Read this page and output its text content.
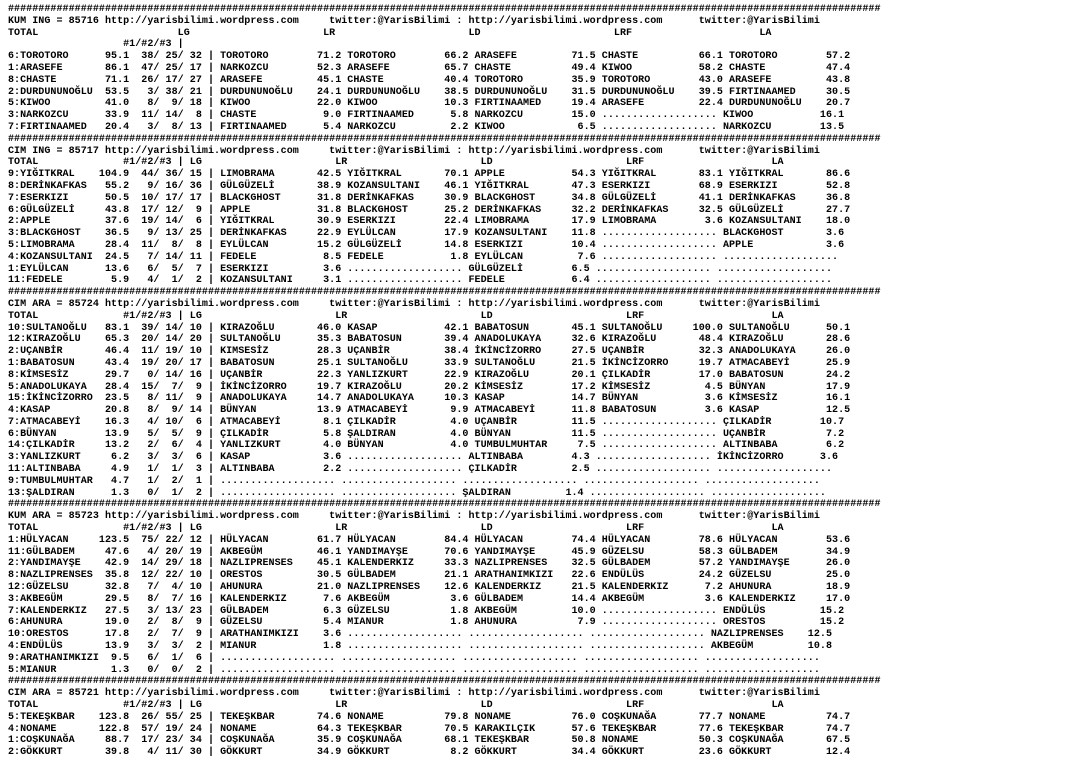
################################################################################################################################################
KUM ING = 85716 http://yarisbilimi.wordpress.com     twitter:@YarisBilimi : http://yarisbilimi.wordpress.com      twitter:@YarisBilimi
TOTAL                       LG                      LR                      LD                      LRF                     LA
#1/#2/#3 |
6:TOROTORO      95.1  38/ 25/ 32 | TOROTORO        71.2 TOROTORO        66.2 ARASEFE         71.5 CHASTE          66.1 TOROTORO        57.2
1:ARASEFE       86.1  47/ 25/ 17 | NARKOZCU        52.3 ARASEFE         65.7 CHASTE          49.4 KIWOO           58.2 CHASTE          47.4
8:CHASTE        71.1  26/ 17/ 27 | ARASEFE         45.1 CHASTE          40.4 TOROTORO        35.9 TOROTORO        43.0 ARASEFE         43.8
2:DURDUNUNOĞLU  53.5   3/ 38/ 21 | DURDUNUNOĞLU    24.1 DURDUNUNOĞLU    38.5 DURDUNUNOĞLU    31.5 DURDUNUNOĞLU    39.5 FIRTINAAMED     30.5
5:KIWOO         41.0   8/  9/ 18 | KIWOO           22.0 KIWOO           10.3 FIRTINAAMED     19.4 ARASEFE         22.4 DURDUNUNOĞLU    20.7
3:NARKOZCU      33.9  11/ 14/  8 | CHASTE           9.0 FIRTINAAMED      5.8 NARKOZCU        15.0 ................... KIWOO           16.1
7:FIRTINAAMED   20.4   3/  8/ 13 | FIRTINAAMED      5.4 NARKOZCU         2.2 KIWOO            6.5 ................... NARKOZCU        13.5
################################################################################################################################################
CIM ING = 85717 http://yarisbilimi.wordpress.com     twitter:@YarisBilimi : http://yarisbilimi.wordpress.com      twitter:@YarisBilimi
TOTAL              #1/#2/#3 | LG                      LR                      LD                      LRF                     LA
9:YIĞITKRAL    104.9  44/ 36/ 15 | LIMOBRAMA       42.5 YIĞITKRAL       70.1 APPLE           54.3 YIĞITKRAL       83.1 YIĞITKRAL       86.6
8:DERİNKAFKAS   55.2   9/ 16/ 36 | GÜLGÜZELİ       38.9 KOZANSULTANI    46.1 YIĞITKRAL       47.3 ESERKIZI        68.9 ESERKIZI        52.8
7:ESERKIZI      50.5  10/ 17/ 17 | BLACKGHOST      31.8 DERİNKAFKAS     30.9 BLACKGHOST      34.8 GÜLGÜZELİ       41.1 DERİNKAFKAS     36.8
6:GÜLGÜZELİ     43.8  17/ 12/  9 | APPLE           31.8 BLACKGHOST      25.2 DERİNKAFKAS     32.2 DERİNKAFKAS     32.5 GÜLGÜZELİ       27.7
2:APPLE         37.6  19/ 14/  6 | YIĞITKRAL       30.9 ESERKIZI        22.4 LIMOBRAMA       17.9 LIMOBRAMA        3.6 KOZANSULTANI    18.0
3:BLACKGHOST    36.5   9/ 13/ 25 | DERİNKAFKAS     22.9 EYLÜLCAN        17.9 KOZANSULTANI    11.8 ................... BLACKGHOST       3.6
5:LIMOBRAMA     28.4  11/  8/  8 | EYLÜLCAN        15.2 GÜLGÜZELİ       14.8 ESERKIZI        10.4 ................... APPLE            3.6
4:KOZANSULTANI  24.5   7/ 14/ 11 | FEDELE           8.5 FEDELE           1.8 EYLÜLCAN         7.6 ................... ...................
1:EYLÜLCAN      13.6   6/  5/  7 | ESERKIZI         3.6 ................... GÜLGÜZELİ        6.5 ................... ...................
11:FEDELE        5.9   4/  1/  2 | KOZANSULTANI     3.1 ................... FEDELE           6.4 ................... ...................
################################################################################################################################################
CIM ARA = 85724 http://yarisbilimi.wordpress.com     twitter:@YarisBilimi : http://yarisbilimi.wordpress.com      twitter:@YarisBilimi
TOTAL              #1/#2/#3 | LG                      LR                      LD                      LRF                     LA
10:SULTANOĞLU   83.1  39/ 14/ 10 | KIRAZOĞLU       46.0 KASAP           42.1 BABATOSUN       45.1 SULTANOĞLU     100.0 SULTANOĞLU      50.1
12:KIRAZOĞLU    65.3  20/ 14/ 20 | SULTANOĞLU      35.3 BABATOSUN       39.4 ANADOLUKAYA     32.6 KIRAZOĞLU       48.4 KIRAZOĞLU       28.6
2:UÇANBİR       46.4  11/ 19/ 10 | KIMSESİZ        28.3 UÇANBİR         38.4 İKİNCİZORRO     27.5 UÇANBİR         32.3 ANADOLUKAYA     26.0
1:BABATOSUN     43.4  19/ 20/ 17 | BABATOSUN       25.1 SULTANOĞLU      33.9 SULTANOĞLU      21.5 İKİNCİZORRO     19.7 ATMACABEYİ      25.9
8:KİMSESİZ      29.7   0/ 14/ 16 | UÇANBİR         22.3 YANLIZKURT      22.9 KIRAZOĞLU       20.1 ÇILKADİR        17.0 BABATOSUN       24.2
5:ANADOLUKAYA   28.4  15/  7/  9 | İKİNCİZORRO     19.7 KIRAZOĞLU       20.2 KİMSESİZ        17.2 KİMSESİZ         4.5 BÜNYAN          17.9
15:İKİNCİZORRO  23.5   8/ 11/  9 | ANADOLUKAYA     14.7 ANADOLUKAYA     10.3 KASAP           14.7 BÜNYAN           3.6 KİMSESİZ        16.1
4:KASAP         20.8   8/  9/ 14 | BÜNYAN          13.9 ATMACABEYİ       9.9 ATMACABEYİ      11.8 BABATOSUN        3.6 KASAP           12.5
7:ATMACABEYİ    16.3   4/ 10/  6 | ATMACABEYİ       8.1 ÇILKADİR         4.0 UÇANBİR         11.5 ................... ÇILKADİR        10.7
6:BÜNYAN        13.9   5/  5/  9 | ÇILKADİR         5.8 ŞALDIRAN         4.0 BÜNYAN          11.5 ................... UÇANBİR          7.2
14:ÇILKADİR     13.2   2/  6/  4 | YANLIZKURT       4.0 BÜNYAN           4.0 TUMBULMUHTAR     7.5 ................... ALTINBABA        6.2
3:YANLIZKURT     6.2   3/  3/  6 | KASAP            3.6 ................... ALTINBABA        4.3 ................... İKİNCİZORRO      3.6
11:ALTINBABA     4.9   1/  1/  3 | ALTINBABA        2.2 ................... ÇILKADİR         2.5 ................... ...................
9:TUMBULMUHTAR   4.7   1/  2/  1 | ................... ................... ................... ................... ...................
13:ŞALDIRAN      1.3   0/  1/  2 | ................... ................... ŞALDIRAN         1.4 ................... ...................
################################################################################################################################################
KUM ARA = 85723 http://yarisbilimi.wordpress.com     twitter:@YarisBilimi : http://yarisbilimi.wordpress.com      twitter:@YarisBilimi
TOTAL              #1/#2/#3 | LG                      LR                      LD                      LRF                     LA
1:HÜLYACAN     123.5  75/ 22/ 12 | HÜLYACAN        61.7 HÜLYACAN        84.4 HÜLYACAN        74.4 HÜLYACAN        78.6 HÜLYACAN        53.6
11:GÜLBADEM     47.6   4/ 20/ 19 | AKBEGÜM         46.1 YANDIMAYŞE      70.6 YANDIMAYŞE      45.9 GÜZELSU         58.3 GÜLBADEM        34.9
2:YANDIMAYŞE    42.9  14/ 29/ 18 | NAZLIPRENSES    45.1 KALENDERKIZ     33.3 NAZLIPRENSES    32.5 GÜLBADEM        57.2 YANDIMAYŞE      26.0
8:NAZLIPRENSES  35.8  12/ 22/ 10 | ORESTOS         30.5 GÜLBADEM        21.1 ARATHANIMKIZI   22.6 ENDÜLÜS         24.2 GÜZELSU         25.0
12:GÜZELSU      32.8   7/  4/ 10 | AHUNURA         21.0 NAZLIPRENSES    12.6 KALENDERKIZ     21.5 KALENDERKIZ      7.2 AHUNURA         18.9
3:AKBEGÜM       29.5   8/  7/ 16 | KALENDERKIZ      7.6 AKBEGÜM          3.6 GÜLBADEM        14.4 AKBEGÜM          3.6 KALENDERKIZ     17.0
7:KALENDERKIZ   27.5   3/ 13/ 23 | GÜLBADEM         6.3 GÜZELSU          1.8 AKBEGÜM         10.0 ................... ENDÜLÜS         15.2
6:AHUNURA       19.0   2/  8/  9 | GÜZELSU          5.4 MIANUR           1.8 AHUNURA          7.9 ................... ORESTOS         15.2
10:ORESTOS      17.8   2/  7/  9 | ARATHANIMKIZI    3.6 ................... ................... ................... NAZLIPRENSES    12.5
4:ENDÜLÜS       13.9   3/  3/  2 | MIANUR           1.8 ................... ................... ................... AKBEGÜM         10.8
9:ARATHANIMKIZI  9.5   6/  1/  6 | ................... ................... ................... ................... ...................
5:MIANUR         1.3   0/  0/  2 | ................... ................... ................... ................... ...................
################################################################################################################################################
CIM ARA = 85721 http://yarisbilimi.wordpress.com     twitter:@YarisBilimi : http://yarisbilimi.wordpress.com      twitter:@YarisBilimi
TOTAL              #1/#2/#3 | LG                      LR                      LD                      LRF                     LA
5:TEKEŞKBAR    123.8  26/ 55/ 25 | TEKEŞKBAR       74.6 NONAME          79.8 NONAME          76.0 COŞKUNAĞA       77.7 NONAME          74.7
4:NONAME       122.8  57/ 19/ 24 | NONAME          64.3 TEKEŞKBAR       70.5 KARAKILÇIK      57.6 TEKEŞKBAR       77.6 TEKEŞKBAR       74.7
1:COŞKUNAĞA     88.7  17/ 23/ 34 | COŞKUNAĞA       35.9 COŞKUNAĞA       68.1 TEKEŞKBAR       50.8 NONAME          50.3 COŞKUNAĞA       67.5
2:GÖKKURT       39.8   4/ 11/ 30 | GÖKKURT         34.9 GÖKKURT          8.2 GÖKKURT         34.4 GÖKKURT         23.6 GÖKKURT         12.4
